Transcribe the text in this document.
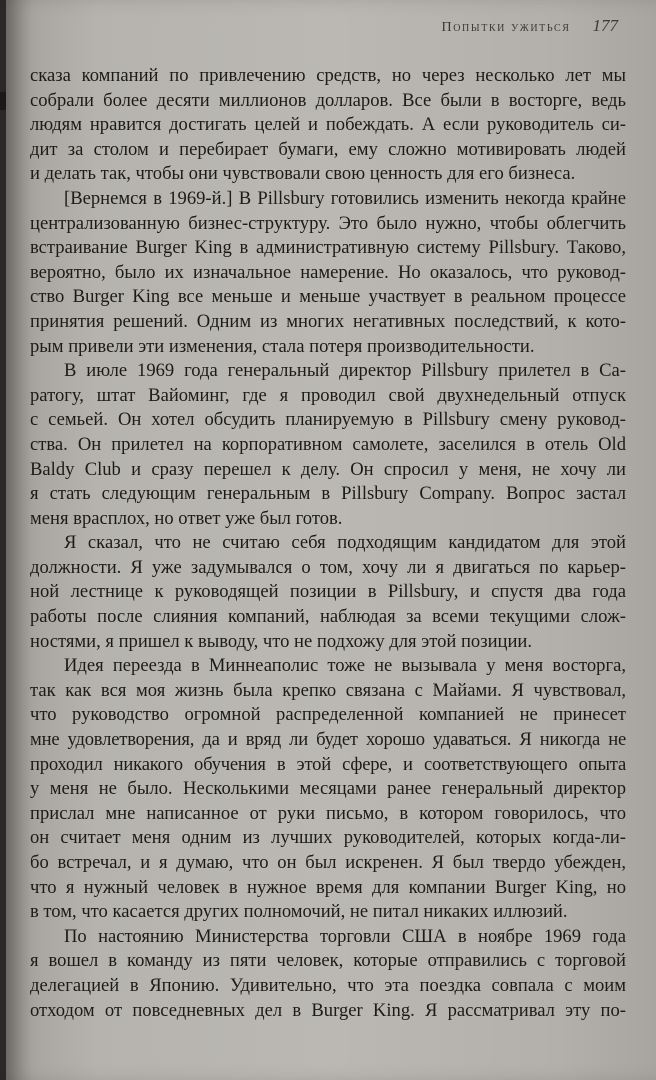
Попытки ужиться 177
сказа компаний по привлечению средств, но через несколько лет мы
собрали более десяти миллионов долларов. Все были в восторге, ведь
людям нравится достигать целей и побеждать. А если руководитель си-
дит за столом и перебирает бумаги, ему сложно мотивировать людей
и делать так, чтобы они чувствовали свою ценность для его бизнеса.
[Вернемся в 1969-й.] В Pillsbury готовились изменить некогда крайне
централизованную бизнес-структуру. Это было нужно, чтобы облегчить
встраивание Burger King в административную систему Pillsbury. Таково,
вероятно, было их изначальное намерение. Но оказалось, что руковод-
ство Burger King все меньше и меньше участвует в реальном процессе
принятия решений. Одним из многих негативных последствий, к кото-
рым привели эти изменения, стала потеря производительности.
В июле 1969 года генеральный директор Pillsbury прилетел в Са-
ратогу, штат Вайоминг, где я проводил свой двухнедельный отпуск
с семьей. Он хотел обсудить планируемую в Pillsbury смену руковод-
ства. Он прилетел на корпоративном самолете, заселился в отель Old
Baldy Club и сразу перешел к делу. Он спросил у меня, не хочу ли
я стать следующим генеральным в Pillsbury Company. Вопрос застал
меня врасплох, но ответ уже был готов.
Я сказал, что не считаю себя подходящим кандидатом для этой
должности. Я уже задумывался о том, хочу ли я двигаться по карьер-
ной лестнице к руководящей позиции в Pillsbury, и спустя два года
работы после слияния компаний, наблюдая за всеми текущими слож-
ностями, я пришел к выводу, что не подхожу для этой позиции.
Идея переезда в Миннеаполис тоже не вызывала у меня восторга,
так как вся моя жизнь была крепко связана с Майами. Я чувствовал,
что руководство огромной распределенной компанией не принесет
мне удовлетворения, да и вряд ли будет хорошо удаваться. Я никогда не
проходил никакого обучения в этой сфере, и соответствующего опыта
у меня не было. Несколькими месяцами ранее генеральный директор
прислал мне написанное от руки письмо, в котором говорилось, что
он считает меня одним из лучших руководителей, которых когда-ли-
бо встречал, и я думаю, что он был искренен. Я был твердо убежден,
что я нужный человек в нужное время для компании Burger King, но
в том, что касается других полномочий, не питал никаких иллюзий.
По настоянию Министерства торговли США в ноябре 1969 года
я вошел в команду из пяти человек, которые отправились с торговой
делегацией в Японию. Удивительно, что эта поездка совпала с моим
отходом от повседневных дел в Burger King. Я рассматривал эту по-
